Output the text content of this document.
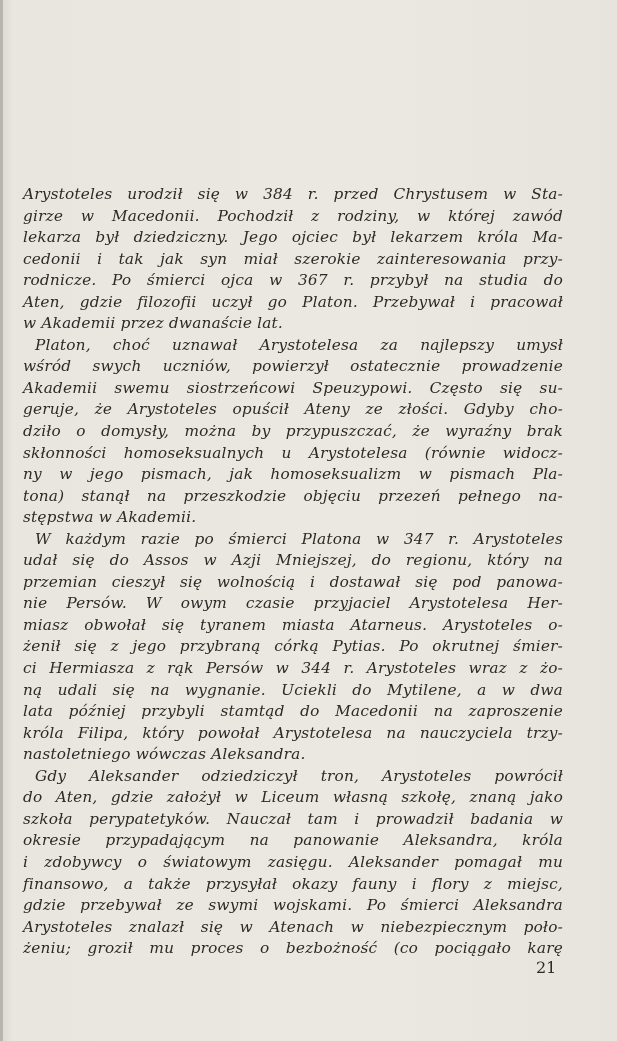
Arystoteles urodził się w 384 r. przed Chrystusem w Sta-
girze w Macedonii. Pochodził z rodziny, w której zawód
lekarza był dziedziczny. Jego ojciec był lekarzem króla Ma-
cedonii i tak jak syn miał szerokie zainteresowania przy-
rodnicze. Po śmierci ojca w 367 r. przybył na studia do
Aten, gdzie filozofii uczył go Platon. Przebywał i pracował
w Akademii przez dwanaście lat.
Platon, choć uznawał Arystotelesa za najlepszy umysł
wśród swych uczniów, powierzył ostatecznie prowadzenie
Akademii swemu siostrzeńcowi Speuzypowi. Często się su-
geruje, że Arystoteles opuścił Ateny ze złości. Gdyby cho-
dziło o domysły, można by przypuszczać, że wyraźny brak
skłonności homoseksualnych u Arystotelesa (równie widocz-
ny w jego pismach, jak homoseksualizm w pismach Pla-
tona) stanął na przeszkodzie objęciu przezeń pełnego na-
stępstwa w Akademii.
W każdym razie po śmierci Platona w 347 r. Arystoteles
udał się do Assos w Azji Mniejszej, do regionu, który na
przemian cieszył się wolnością i dostawał się pod panowa-
nie Persów. W owym czasie przyjaciel Arystotelesa Her-
miasz obwołał się tyranem miasta Atarneus. Arystoteles o-
żenił się z jego przybraną córką Pytias. Po okrutnej śmier-
ci Hermiasza z rąk Persów w 344 r. Arystoteles wraz z żo-
ną udali się na wygnanie. Uciekli do Mytilene, a w dwa
lata później przybyli stamtąd do Macedonii na zaproszenie
króla Filipa, który powołał Arystotelesa na nauczyciela trzy-
nastoletniego wówczas Aleksandra.
Gdy Aleksander odziedziczył tron, Arystoteles powrócił
do Aten, gdzie założył w Liceum własną szkołę, znaną jako
szkoła perypatetyków. Nauczał tam i prowadził badania w
okresie przypadającym na panowanie Aleksandra, króla
i zdobywcy o światowym zasięgu. Aleksander pomagał mu
finansowo, a także przysyłał okazy fauny i flory z miejsc,
gdzie przebywał ze swymi wojskami. Po śmierci Aleksandra
Arystoteles znalazł się w Atenach w niebezpiecznym poło-
żeniu; groził mu proces o bezbożność (co pociągało karę
21
